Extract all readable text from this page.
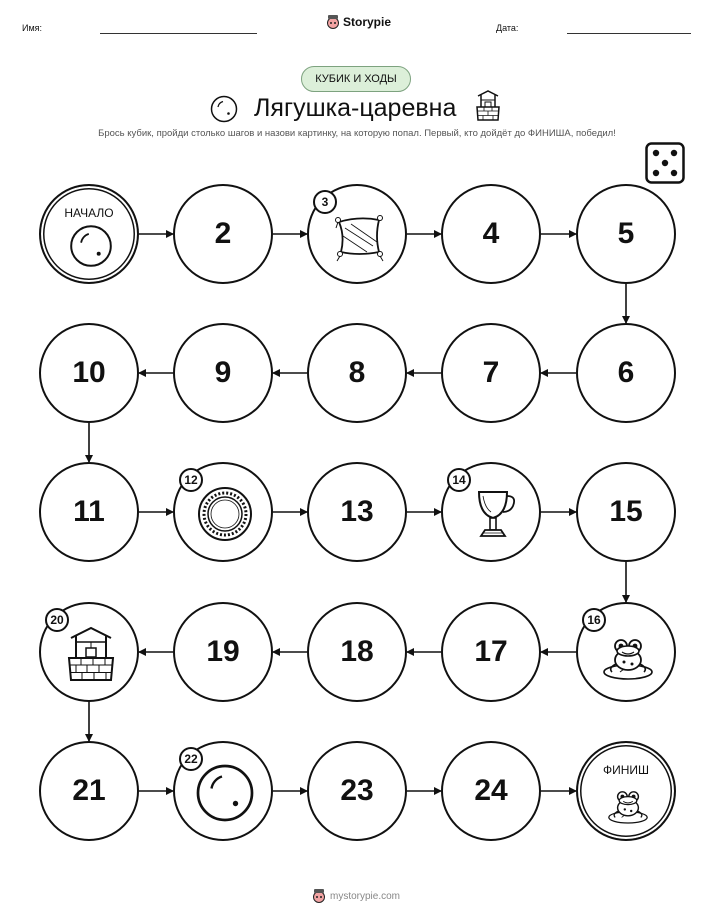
Имя:	Storypie	Дата:
КУБИК И ХОДЫ
Лягушка-царевна
Брось кубик, пройди столько шагов и назови картинку, на которую попал. Первый, кто дойдёт до ФИНИША, победил!
НАЧАЛО
2
3
4	5
6
7
8
9
10
11
12
13
14
15
16
17
18
19
20
21
22
23	24
ФИНИШ
mystorypie.com
